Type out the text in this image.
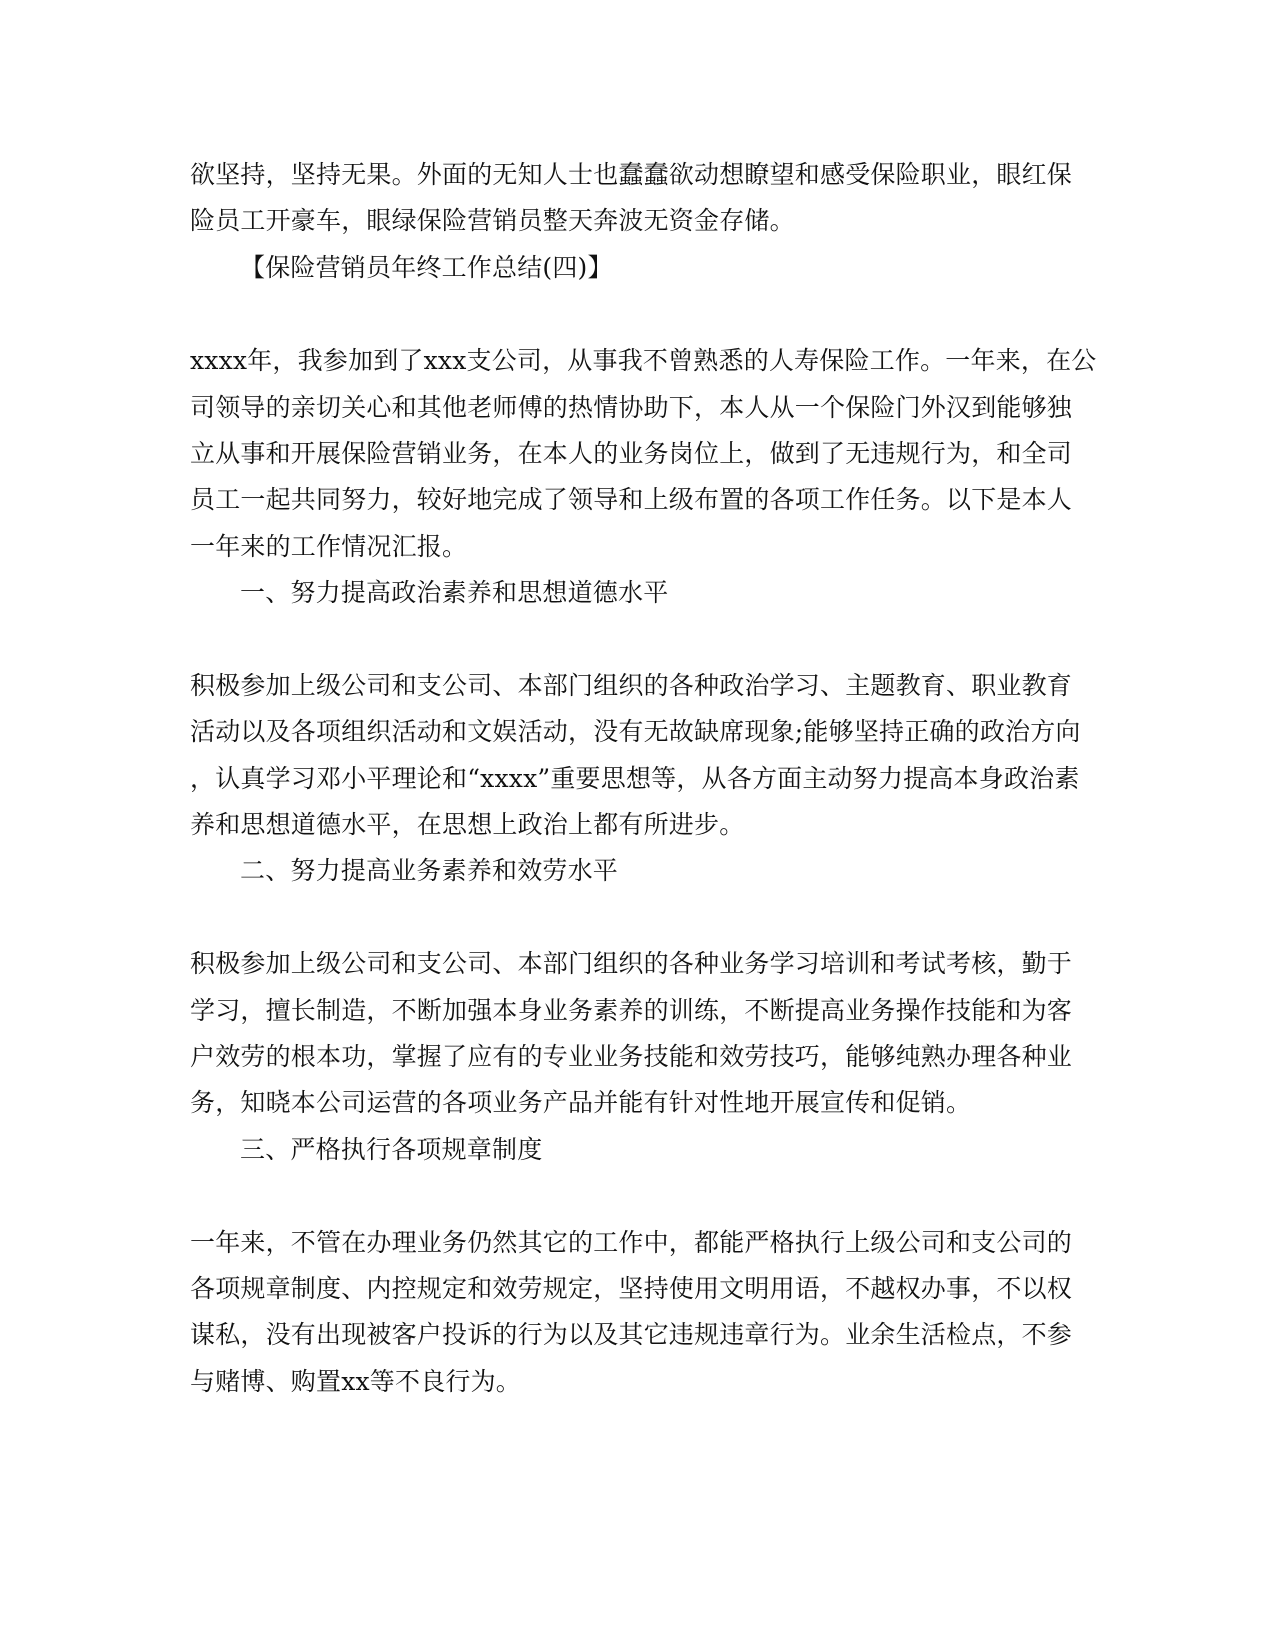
欲坚持，坚持无果。外面的无知人士也蠢蠢欲动想瞭望和感受保险职业，眼红保
险员工开豪车，眼绿保险营销员整天奔波无资金存储。
【保险营销员年终工作总结(四)】
xxxx年，我参加到了xxx支公司，从事我不曾熟悉的人寿保险工作。一年来，在公
司领导的亲切关心和其他老师傅的热情协助下，本人从一个保险门外汉到能够独
立从事和开展保险营销业务，在本人的业务岗位上，做到了无违规行为，和全司
员工一起共同努力，较好地完成了领导和上级布置的各项工作任务。以下是本人
一年来的工作情况汇报。
一、努力提高政治素养和思想道德水平
积极参加上级公司和支公司、本部门组织的各种政治学习、主题教育、职业教育
活动以及各项组织活动和文娱活动，没有无故缺席现象;能够坚持正确的政治方向
，认真学习邓小平理论和“xxxx”重要思想等，从各方面主动努力提高本身政治素
养和思想道德水平，在思想上政治上都有所进步。
二、努力提高业务素养和效劳水平
积极参加上级公司和支公司、本部门组织的各种业务学习培训和考试考核，勤于
学习，擅长制造，不断加强本身业务素养的训练，不断提高业务操作技能和为客
户效劳的根本功，掌握了应有的专业业务技能和效劳技巧，能够纯熟办理各种业
务，知晓本公司运营的各项业务产品并能有针对性地开展宣传和促销。
三、严格执行各项规章制度
一年来，不管在办理业务仍然其它的工作中，都能严格执行上级公司和支公司的
各项规章制度、内控规定和效劳规定，坚持使用文明用语，不越权办事，不以权
谋私，没有出现被客户投诉的行为以及其它违规违章行为。业余生活检点，不参
与赌博、购置xx等不良行为。
